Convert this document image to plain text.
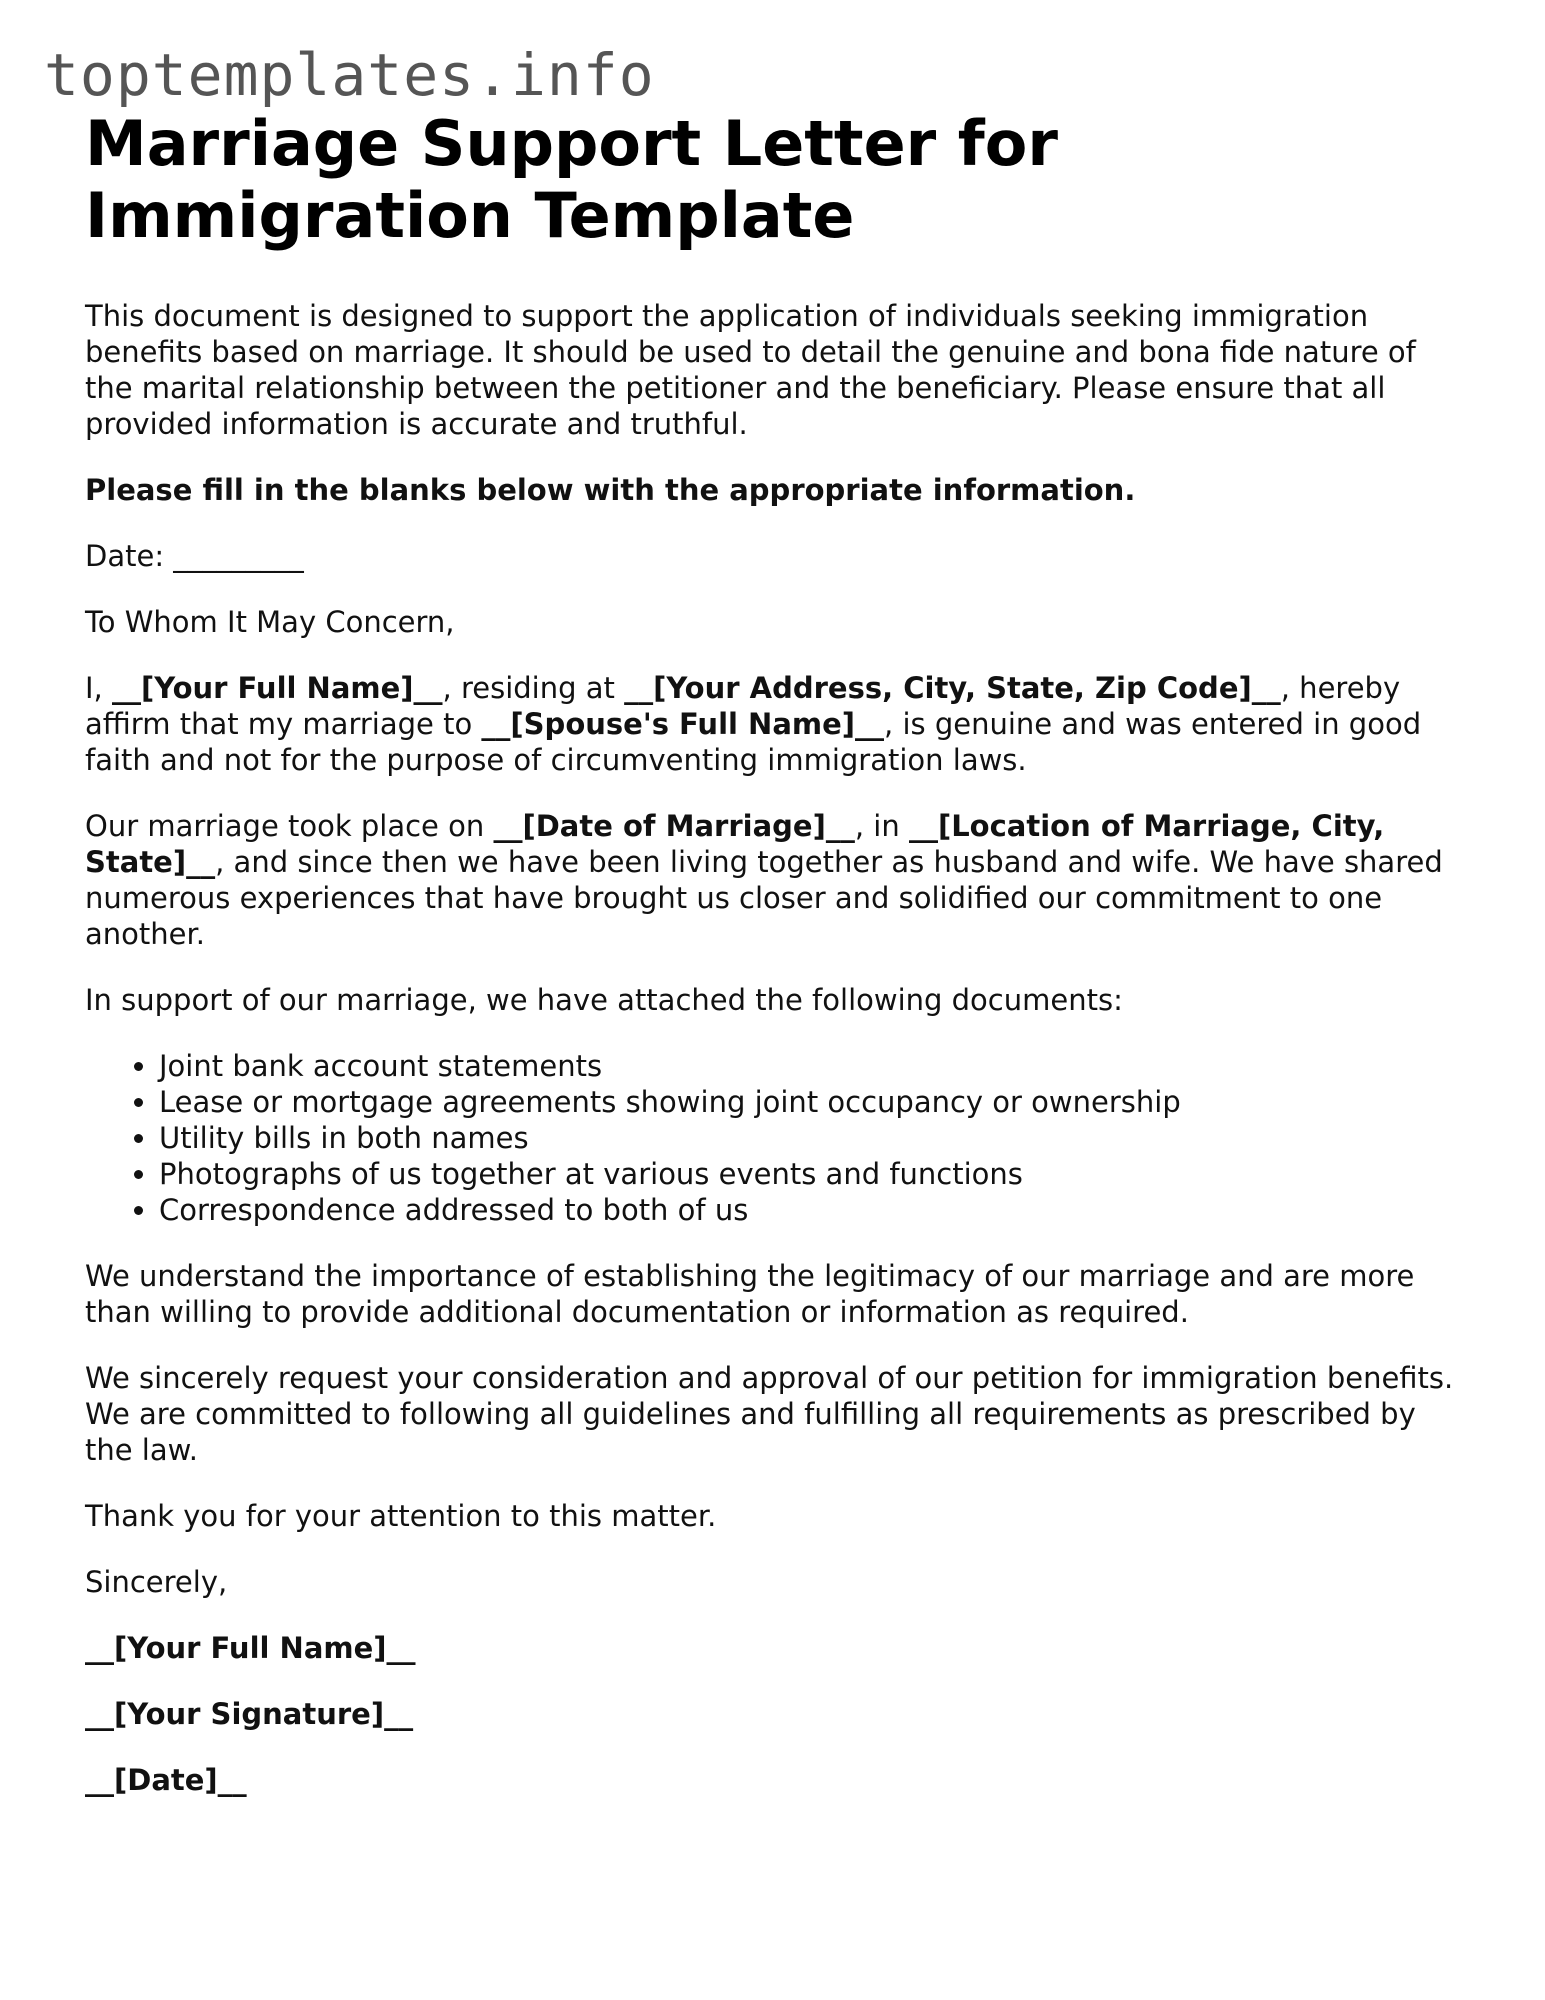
toptemplates.info
Marriage Support Letter for Immigration Template

This document is designed to support the application of individuals seeking immigration benefits based on marriage. It should be used to detail the genuine and bona fide nature of the marital relationship between the petitioner and the beneficiary. Please ensure that all provided information is accurate and truthful.

Please fill in the blanks below with the appropriate information.

Date: _________

To Whom It May Concern,

I, __[Your Full Name]__, residing at __[Your Address, City, State, Zip Code]__, hereby affirm that my marriage to __[Spouse's Full Name]__, is genuine and was entered in good faith and not for the purpose of circumventing immigration laws.

Our marriage took place on __[Date of Marriage]__, in __[Location of Marriage, City, State]__, and since then we have been living together as husband and wife. We have shared numerous experiences that have brought us closer and solidified our commitment to one another.

In support of our marriage, we have attached the following documents:

• Joint bank account statements
• Lease or mortgage agreements showing joint occupancy or ownership
• Utility bills in both names
• Photographs of us together at various events and functions
• Correspondence addressed to both of us

We understand the importance of establishing the legitimacy of our marriage and are more than willing to provide additional documentation or information as required.

We sincerely request your consideration and approval of our petition for immigration benefits. We are committed to following all guidelines and fulfilling all requirements as prescribed by the law.

Thank you for your attention to this matter.

Sincerely,

__[Your Full Name]__

__[Your Signature]__

__[Date]__
